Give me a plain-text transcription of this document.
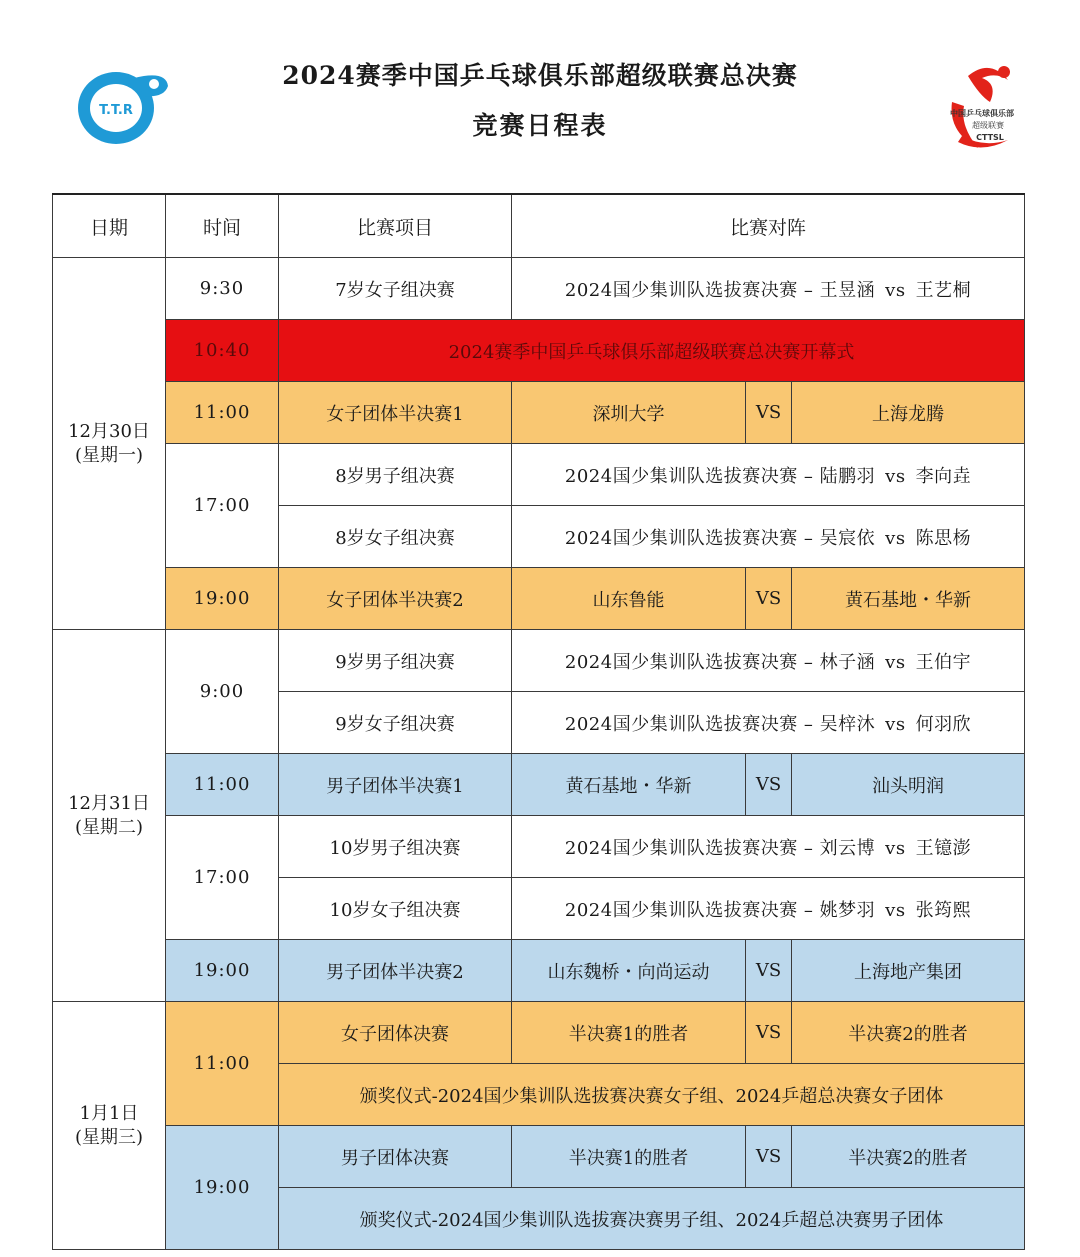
T.T.R
2024赛季中国乒乓球俱乐部超级联赛总决赛
竞赛日程表	中国乒乓球俱乐部
超级联赛
CTTSL
日期	时间	比赛项目	比赛对阵		

12月30日
(星期一)	9:30	7岁女子组决赛	2024国少集训队选拔赛决赛 – 王昱涵 vs 王艺桐		
	10:40	2024赛季中国乒乓球俱乐部超级联赛总决赛开幕式			
	11:00	女子团体半决赛1	深圳大学	VS	上海龙腾
	17:00	8岁男子组决赛	2024国少集训队选拔赛决赛 – 陆鹏羽 vs 李向垚		
		8岁女子组决赛	2024国少集训队选拔赛决赛 – 吴宸依 vs 陈思杨		
	19:00	女子团体半决赛2	山东鲁能	VS	黄石基地・华新

12月31日
(星期二)	9:00	9岁男子组决赛	2024国少集训队选拔赛决赛 – 林子涵 vs 王伯宇		
		9岁女子组决赛	2024国少集训队选拔赛决赛 – 吴梓沐 vs 何羽欣		
	11:00	男子团体半决赛1	黄石基地・华新	VS	汕头明润
	17:00	10岁男子组决赛	2024国少集训队选拔赛决赛 – 刘云博 vs 王镱澎		
		10岁女子组决赛	2024国少集训队选拔赛决赛 – 姚梦羽 vs 张筠熙		
	19:00	男子团体半决赛2	山东魏桥・向尚运动	VS	上海地产集团

1月1日
(星期三)	11:00	女子团体决赛	半决赛1的胜者	VS	半决赛2的胜者
		颁奖仪式-2024国少集训队选拔赛决赛女子组、2024乒超总决赛女子团体			
	19:00	男子团体决赛	半决赛1的胜者	VS	半决赛2的胜者
		颁奖仪式-2024国少集训队选拔赛决赛男子组、2024乒超总决赛男子团体			
